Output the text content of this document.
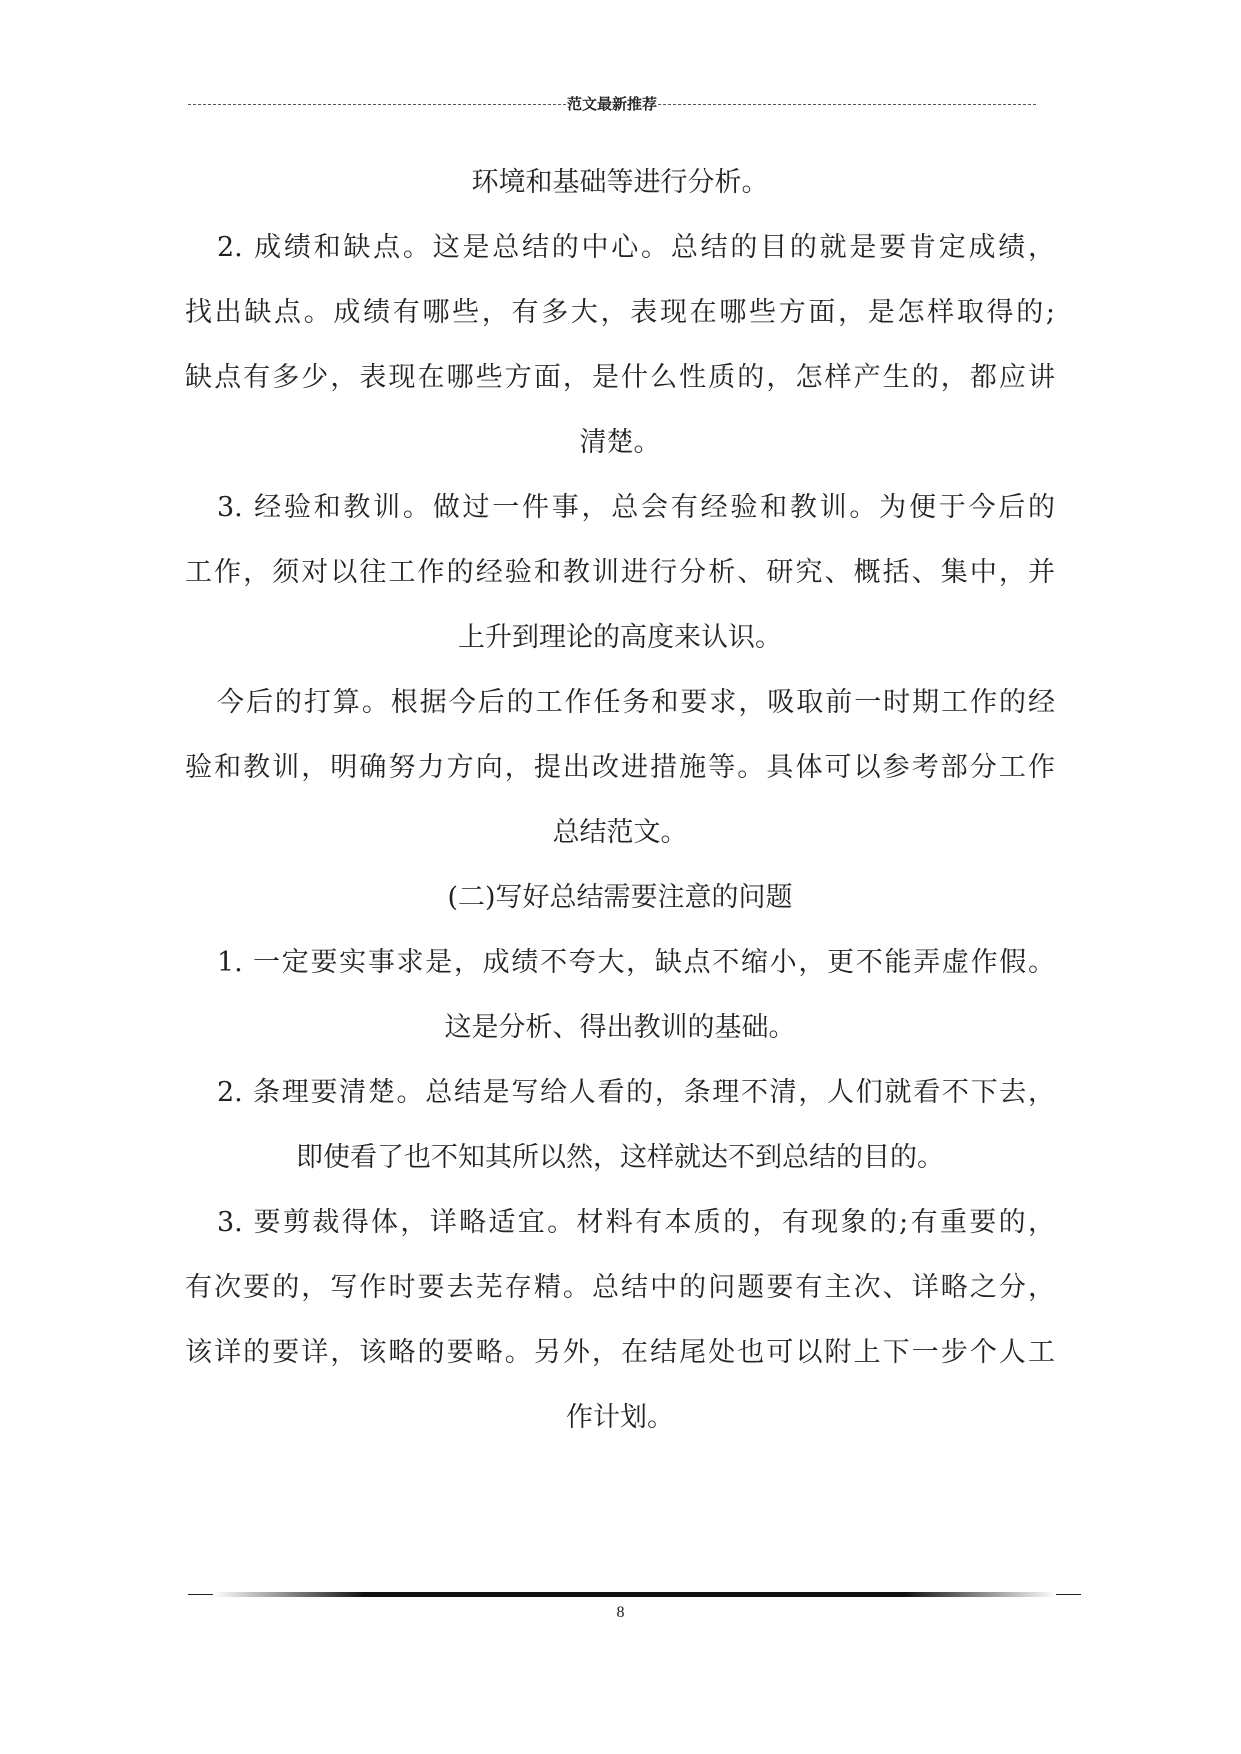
范文最新推荐
环境和基础等进行分析。
2. 成绩和缺点。这是总结的中心。总结的目的就是要肯定成绩，
找出缺点。成绩有哪些，有多大，表现在哪些方面，是怎样取得的;
缺点有多少，表现在哪些方面，是什么性质的，怎样产生的，都应讲
清楚。
3. 经验和教训。做过一件事，总会有经验和教训。为便于今后的
工作，须对以往工作的经验和教训进行分析、研究、概括、集中，并
上升到理论的高度来认识。
今后的打算。根据今后的工作任务和要求，吸取前一时期工作的经
验和教训，明确努力方向，提出改进措施等。具体可以参考部分工作
总结范文。
(二)写好总结需要注意的问题
1. 一定要实事求是，成绩不夸大，缺点不缩小，更不能弄虚作假。
这是分析、得出教训的基础。
2. 条理要清楚。总结是写给人看的，条理不清，人们就看不下去，
即使看了也不知其所以然，这样就达不到总结的目的。
3. 要剪裁得体，详略适宜。材料有本质的，有现象的;有重要的，
有次要的，写作时要去芜存精。总结中的问题要有主次、详略之分，
该详的要详，该略的要略。另外，在结尾处也可以附上下一步个人工
作计划。
8
